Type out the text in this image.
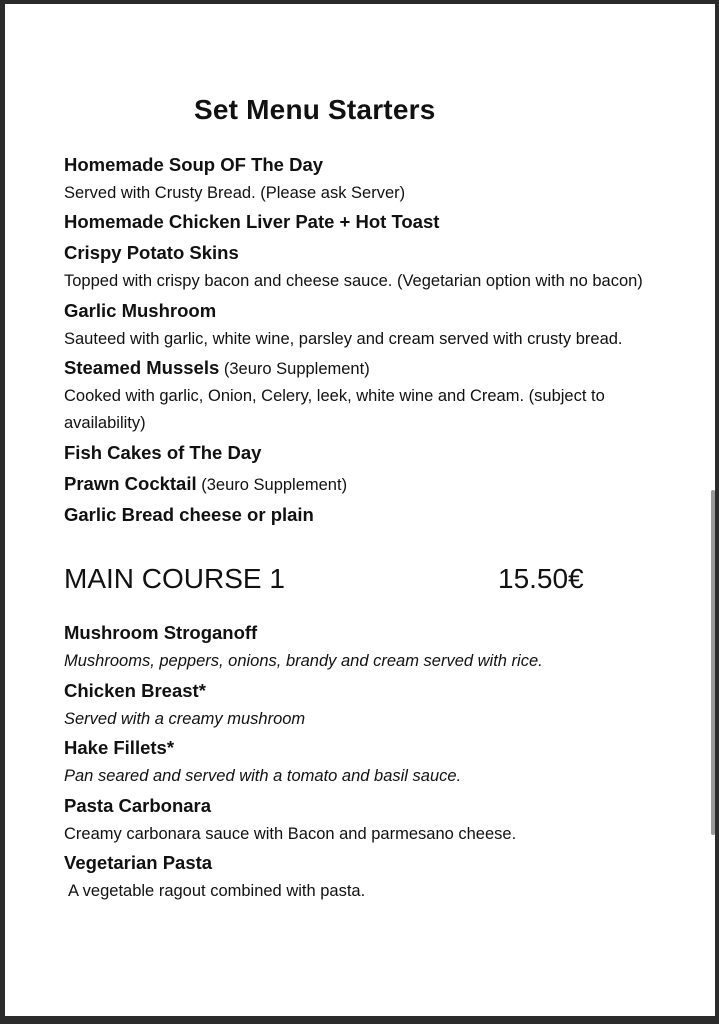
Set Menu Starters
Homemade Soup OF The Day
Served with Crusty Bread. (Please ask Server)
Homemade Chicken Liver Pate + Hot Toast
Crispy Potato Skins
Topped with crispy bacon and cheese sauce. (Vegetarian option with no bacon)
Garlic Mushroom
Sauteed with garlic, white wine, parsley and cream served with crusty bread.
Steamed Mussels (3euro Supplement)
Cooked with garlic, Onion, Celery, leek, white wine and Cream. (subject to
availability)
Fish Cakes of The Day
Prawn Cocktail (3euro Supplement)
Garlic Bread cheese or plain
MAIN COURSE 1	15.50€
Mushroom Stroganoff
Mushrooms, peppers, onions, brandy and cream served with rice.
Chicken Breast*
Served with a creamy mushroom
Hake Fillets*
Pan seared and served with a tomato and basil sauce.
Pasta Carbonara
Creamy carbonara sauce with Bacon and parmesano cheese.
Vegetarian Pasta
A vegetable ragout combined with pasta.
